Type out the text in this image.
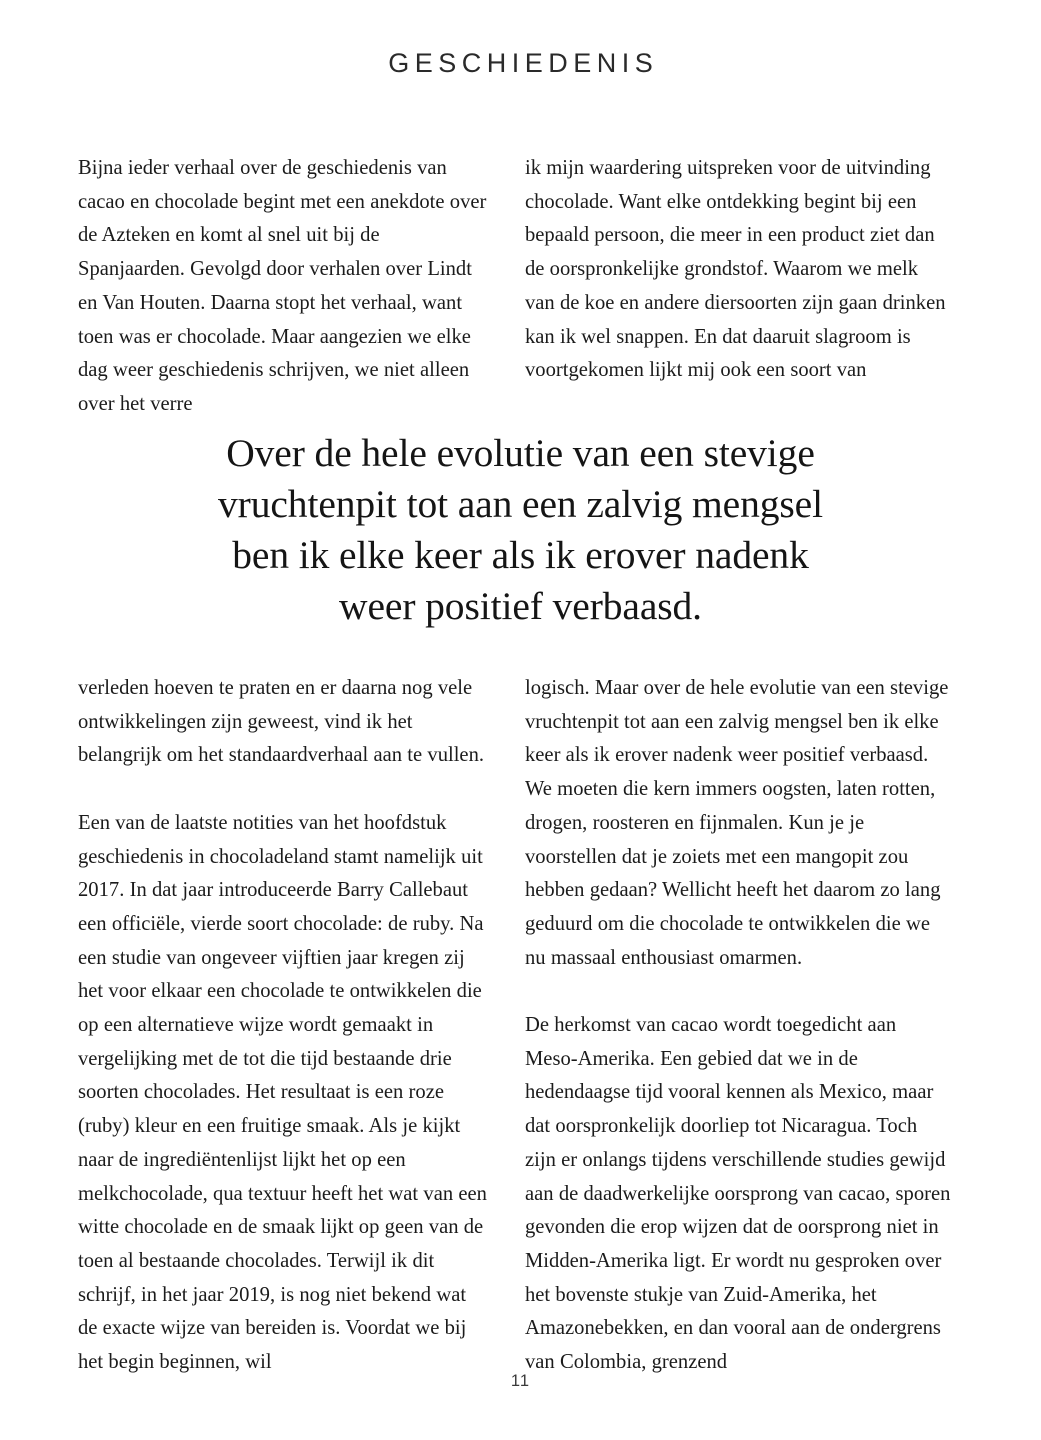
GESCHIEDENIS

Bijna ieder verhaal over de geschiedenis van cacao en chocolade begint met een anekdote over de Azteken en komt al snel uit bij de Spanjaarden. Gevolgd door verhalen over Lindt en Van Houten. Daarna stopt het verhaal, want toen was er chocolade. Maar aangezien we elke dag weer geschiedenis schrijven, we niet alleen over het verre

ik mijn waardering uitspreken voor de uitvinding chocolade. Want elke ontdekking begint bij een bepaald persoon, die meer in een product ziet dan de oorspronkelijke grondstof. Waarom we melk van de koe en andere diersoorten zijn gaan drinken kan ik wel snappen. En dat daaruit slagroom is voortgekomen lijkt mij ook een soort van

Over de hele evolutie van een stevige
vruchtenpit tot aan een zalvig mengsel
ben ik elke keer als ik erover nadenk
weer positief verbaasd.

verleden hoeven te praten en er daarna nog vele ontwikkelingen zijn geweest, vind ik het belangrijk om het standaardverhaal aan te vullen.

Een van de laatste notities van het hoofdstuk geschiedenis in chocoladeland stamt namelijk uit 2017. In dat jaar introduceerde Barry Callebaut een officiële, vierde soort chocolade: de ruby. Na een studie van ongeveer vijftien jaar kregen zij het voor elkaar een chocolade te ontwikkelen die op een alternatieve wijze wordt gemaakt in vergelijking met de tot die tijd bestaande drie soorten chocolades. Het resultaat is een roze (ruby) kleur en een fruitige smaak. Als je kijkt naar de ingrediëntenlijst lijkt het op een melkchocolade, qua textuur heeft het wat van een witte chocolade en de smaak lijkt op geen van de toen al bestaande chocolades. Terwijl ik dit schrijf, in het jaar 2019, is nog niet bekend wat de exacte wijze van bereiden is. Voordat we bij het begin beginnen, wil

logisch. Maar over de hele evolutie van een stevige vruchtenpit tot aan een zalvig mengsel ben ik elke keer als ik erover nadenk weer positief verbaasd. We moeten die kern immers oogsten, laten rotten, drogen, roosteren en fijnmalen. Kun je je voorstellen dat je zoiets met een mangopit zou hebben gedaan? Wellicht heeft het daarom zo lang geduurd om die chocolade te ontwikkelen die we nu massaal enthousiast omarmen.

De herkomst van cacao wordt toegedicht aan Meso-Amerika. Een gebied dat we in de hedendaagse tijd vooral kennen als Mexico, maar dat oorspronkelijk doorliep tot Nicaragua. Toch zijn er onlangs tijdens verschillende studies gewijd aan de daadwerkelijke oorsprong van cacao, sporen gevonden die erop wijzen dat de oorsprong niet in Midden-Amerika ligt. Er wordt nu gesproken over het bovenste stukje van Zuid-Amerika, het Amazonebekken, en dan vooral aan de ondergrens van Colombia, grenzend

11
